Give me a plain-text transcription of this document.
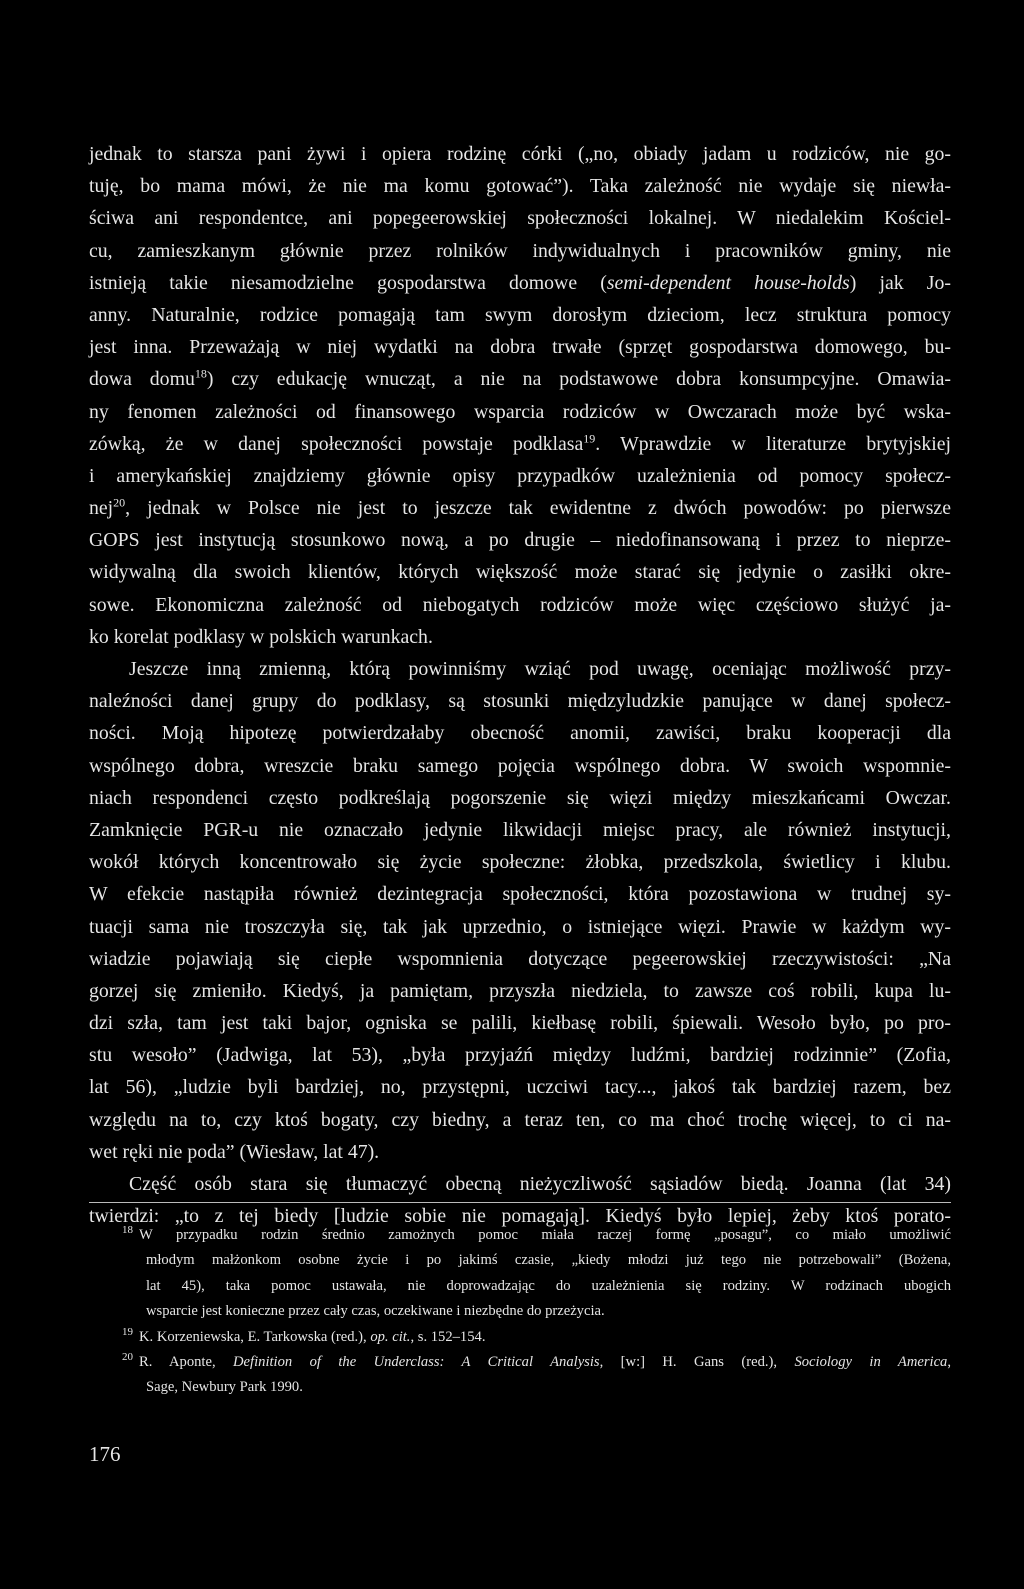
jednak to starsza pani żywi i opiera rodzinę córki („no, obiady jadam u rodziców, nie go-
tuję, bo mama mówi, że nie ma komu gotować”). Taka zależność nie wydaje się niewła-
ściwa ani respondentce, ani popegeerowskiej społeczności lokalnej. W niedalekim Kościel-
cu, zamieszkanym głównie przez rolników indywidualnych i pracowników gminy, nie
istnieją takie niesamodzielne gospodarstwa domowe (semi-dependent house-holds) jak Jo-
anny. Naturalnie, rodzice pomagają tam swym dorosłym dzieciom, lecz struktura pomocy
jest inna. Przeważają w niej wydatki na dobra trwałe (sprzęt gospodarstwa domowego, bu-
dowa domu$^{18}$) czy edukację wnucząt, a nie na podstawowe dobra konsumpcyjne. Omawia-
ny fenomen zależności od finansowego wsparcia rodziców w Owczarach może być wska-
zówką, że w danej społeczności powstaje podklasa$^{19}$. Wprawdzie w literaturze brytyjskiej
i amerykańskiej znajdziemy głównie opisy przypadków uzależnienia od pomocy społecz-
nej$^{20}$, jednak w Polsce nie jest to jeszcze tak ewidentne z dwóch powodów: po pierwsze
GOPS jest instytucją stosunkowo nową, a po drugie – niedofinansowaną i przez to nieprze-
widywalną dla swoich klientów, których większość może starać się jedynie o zasiłki okre-
sowe. Ekonomiczna zależność od niebogatych rodziców może więc częściowo służyć ja-
ko korelat podklasy w polskich warunkach.
Jeszcze inną zmienną, którą powinniśmy wziąć pod uwagę, oceniając możliwość przy-
naleźności danej grupy do podklasy, są stosunki międzyludzkie panujące w danej społecz-
ności. Moją hipotezę potwierdzałaby obecność anomii, zawiści, braku kooperacji dla
wspólnego dobra, wreszcie braku samego pojęcia wspólnego dobra. W swoich wspomnie-
niach respondenci często podkreślają pogorszenie się więzi między mieszkańcami Owczar.
Zamknięcie PGR-u nie oznaczało jedynie likwidacji miejsc pracy, ale również instytucji,
wokół których koncentrowało się życie społeczne: żłobka, przedszkola, świetlicy i klubu.
W efekcie nastąpiła również dezintegracja społeczności, która pozostawiona w trudnej sy-
tuacji sama nie troszczyła się, tak jak uprzednio, o istniejące więzi. Prawie w każdym wy-
wiadzie pojawiają się ciepłe wspomnienia dotyczące pegeerowskiej rzeczywistości: „Na
gorzej się zmieniło. Kiedyś, ja pamiętam, przyszła niedziela, to zawsze coś robili, kupa lu-
dzi szła, tam jest taki bajor, ogniska se palili, kiełbasę robili, śpiewali. Wesoło było, po pro-
stu wesoło” (Jadwiga, lat 53), „była przyjaźń między ludźmi, bardziej rodzinnie” (Zofia,
lat 56), „ludzie byli bardziej, no, przystępni, uczciwi tacy..., jakoś tak bardziej razem, bez
względu na to, czy ktoś bogaty, czy biedny, a teraz ten, co ma choć trochę więcej, to ci na-
wet ręki nie poda” (Wiesław, lat 47).
Część osób stara się tłumaczyć obecną nieżyczliwość sąsiadów biedą. Joanna (lat 34)
twierdzi: „to z tej biedy [ludzie sobie nie pomagają]. Kiedyś było lepiej, żeby ktoś porato-
$^{18}$ W przypadku rodzin średnio zamożnych pomoc miała raczej formę „posagu”, co miało umożliwić
młodym małżonkom osobne życie i po jakimś czasie, „kiedy młodzi już tego nie potrzebowali” (Bożena,
lat 45), taka pomoc ustawała, nie doprowadzając do uzależnienia się rodziny. W rodzinach ubogich
wsparcie jest konieczne przez cały czas, oczekiwane i niezbędne do przeżycia.
$^{19}$ K. Korzeniewska, E. Tarkowska (red.), op. cit., s. 152–154.
$^{20}$ R. Aponte, Definition of the Underclass: A Critical Analysis, [w:] H. Gans (red.), Sociology in America,
Sage, Newbury Park 1990.
176
